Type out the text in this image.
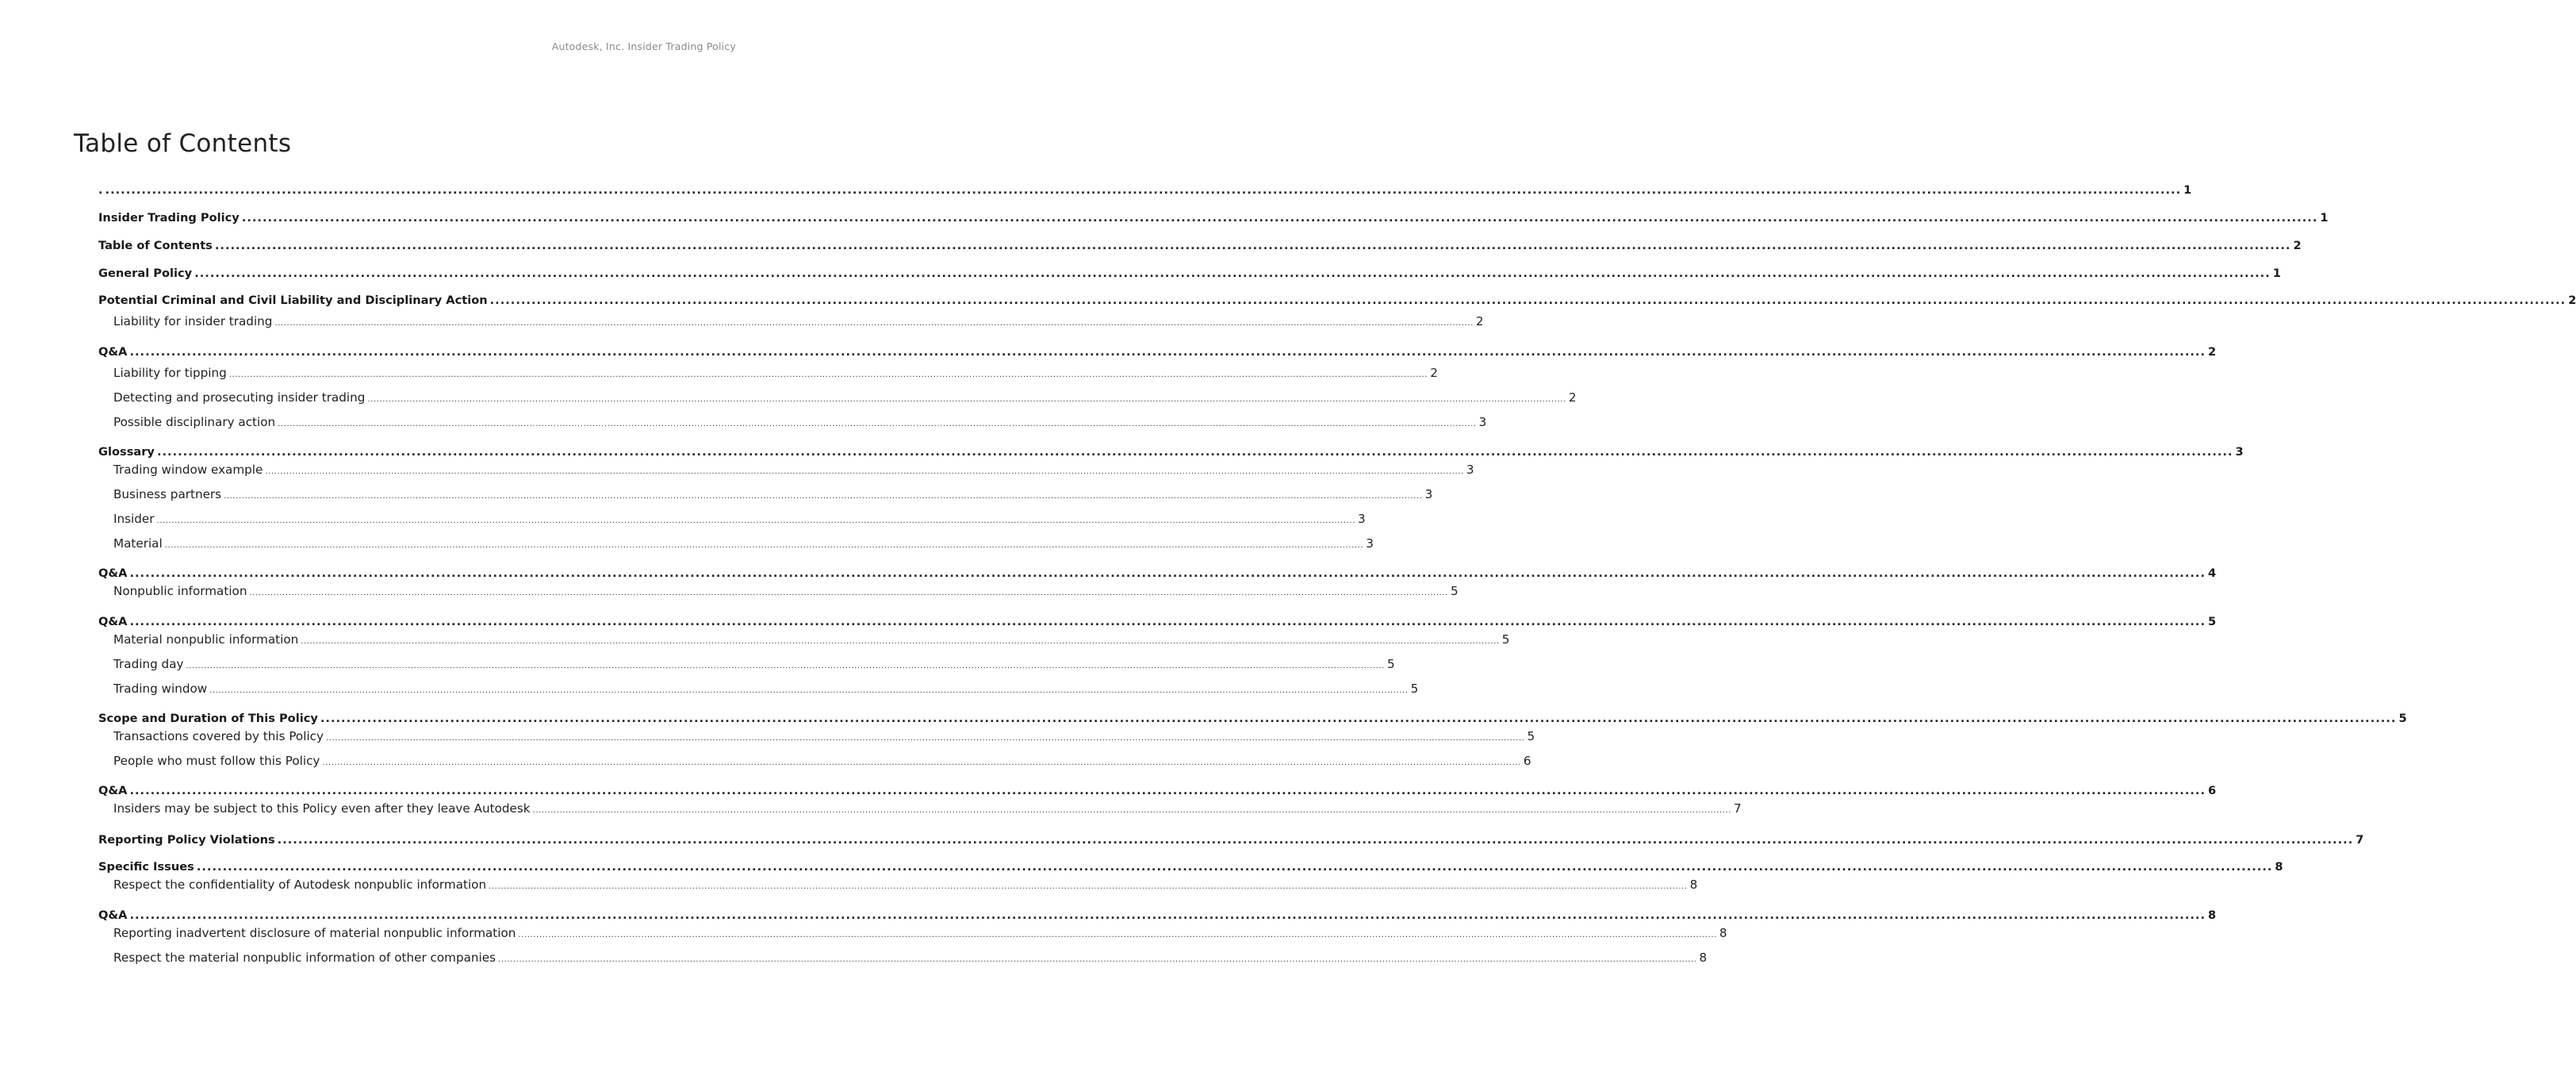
Autodesk, Inc. Insider Trading Policy
Table of Contents
. ................................................................................................................................................................................................................................................................................................................................................................................................................ 1
Insider Trading Policy ................................................................................................................................................................................................................................................................................................................................................................................................................ 1
Table of Contents ................................................................................................................................................................................................................................................................................................................................................................................................................ 2
General Policy ................................................................................................................................................................................................................................................................................................................................................................................................................ 1
Potential Criminal and Civil Liability and Disciplinary Action ................................................................................................................................................................................................................................................................................................................................................................................................................ 2
Liability for insider trading ................................................................................................................................................................................................................................................................................................................................................................................................................ 2
Q&A ................................................................................................................................................................................................................................................................................................................................................................................................................ 2
Liability for tipping ................................................................................................................................................................................................................................................................................................................................................................................................................ 2
Detecting and prosecuting insider trading ................................................................................................................................................................................................................................................................................................................................................................................................................ 2
Possible disciplinary action ................................................................................................................................................................................................................................................................................................................................................................................................................ 3
Glossary ................................................................................................................................................................................................................................................................................................................................................................................................................ 3
Trading window example ................................................................................................................................................................................................................................................................................................................................................................................................................ 3
Business partners ................................................................................................................................................................................................................................................................................................................................................................................................................ 3
Insider ................................................................................................................................................................................................................................................................................................................................................................................................................ 3
Material ................................................................................................................................................................................................................................................................................................................................................................................................................ 3
Q&A ................................................................................................................................................................................................................................................................................................................................................................................................................ 4
Nonpublic information ................................................................................................................................................................................................................................................................................................................................................................................................................ 5
Q&A ................................................................................................................................................................................................................................................................................................................................................................................................................ 5
Material nonpublic information ................................................................................................................................................................................................................................................................................................................................................................................................................ 5
Trading day ................................................................................................................................................................................................................................................................................................................................................................................................................ 5
Trading window ................................................................................................................................................................................................................................................................................................................................................................................................................ 5
Scope and Duration of This Policy ................................................................................................................................................................................................................................................................................................................................................................................................................ 5
Transactions covered by this Policy ................................................................................................................................................................................................................................................................................................................................................................................................................ 5
People who must follow this Policy ................................................................................................................................................................................................................................................................................................................................................................................................................ 6
Q&A ................................................................................................................................................................................................................................................................................................................................................................................................................ 6
Insiders may be subject to this Policy even after they leave Autodesk ................................................................................................................................................................................................................................................................................................................................................................................................................ 7
Reporting Policy Violations ................................................................................................................................................................................................................................................................................................................................................................................................................ 7
Specific Issues ................................................................................................................................................................................................................................................................................................................................................................................................................ 8
Respect the confidentiality of Autodesk nonpublic information ................................................................................................................................................................................................................................................................................................................................................................................................................ 8
Q&A ................................................................................................................................................................................................................................................................................................................................................................................................................ 8
Reporting inadvertent disclosure of material nonpublic information ................................................................................................................................................................................................................................................................................................................................................................................................................ 8
Respect the material nonpublic information of other companies ................................................................................................................................................................................................................................................................................................................................................................................................................ 8
